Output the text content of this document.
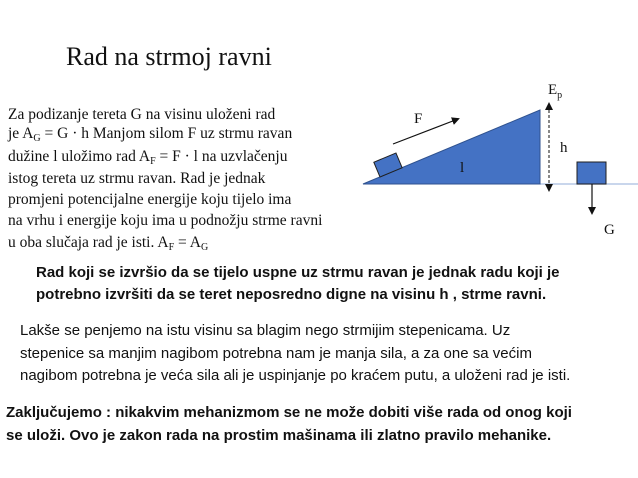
Rad na strmoj ravni
Za podizanje tereta G na visinu uloženi rad
je $A_G = G \cdot h$ Manjom silom F uz strmu ravan
dužine l uložimo rad $A_F = F \cdot l$ na uzvlačenju
istog tereta uz strmu ravan. Rad je jednak
promjeni potencijalne energije koju tijelo ima
na vrhu i energije koju ima u podnožju strme ravni
u oba slučaja rad je isti. $A_F = A_G$
$E_p$
F
h
l
G
Rad koji se izvršio da se tijelo uspne uz strmu ravan je jednak radu koji je
potrebno izvršiti da se teret neposredno digne na visinu h , strme ravni.
Lakše se penjemo na istu visinu sa blagim nego strmijim stepenicama. Uz
stepenice sa manjim nagibom potrebna nam je manja sila, a za one sa većim
nagibom potrebna je veća sila ali je uspinjanje po kraćem putu, a uloženi rad je isti.
Zaključujemo : nikakvim mehanizmom se ne može dobiti više rada od onog koji
se uloži. Ovo je zakon rada na prostim mašinama ili zlatno pravilo mehanike.
